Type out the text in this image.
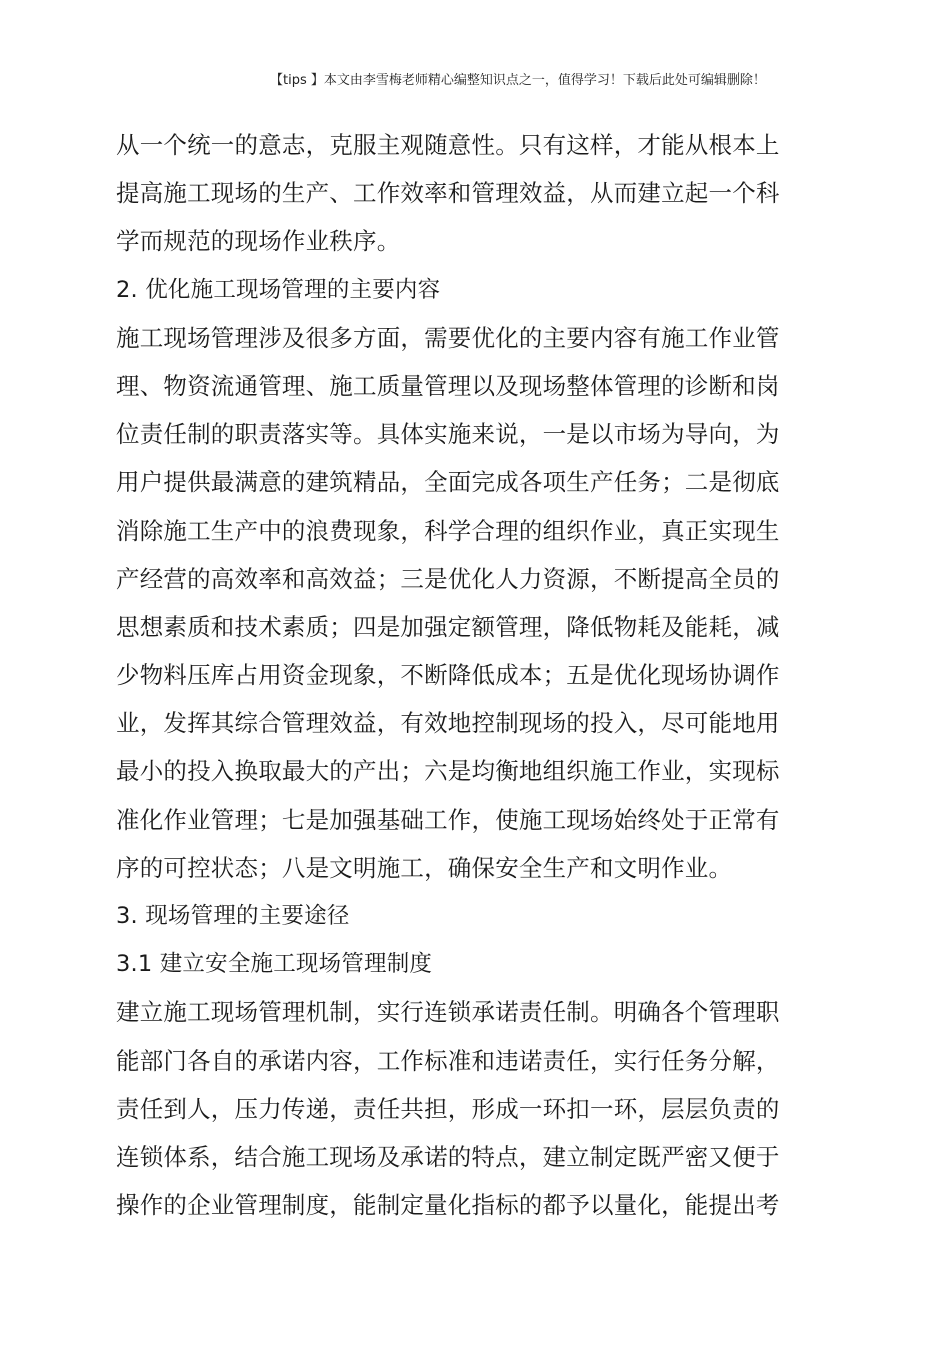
【tips 】本文由李雪梅老师精心编整知识点之一，值得学习！下载后此处可编辑删除！
从一个统一的意志，克服主观随意性。只有这样，才能从根本上
提高施工现场的生产、工作效率和管理效益，从而建立起一个科
学而规范的现场作业秩序。
2. 优化施工现场管理的主要内容
施工现场管理涉及很多方面，需要优化的主要内容有施工作业管
理、物资流通管理、施工质量管理以及现场整体管理的诊断和岗
位责任制的职责落实等。具体实施来说，一是以市场为导向，为
用户提供最满意的建筑精品，全面完成各项生产任务；二是彻底
消除施工生产中的浪费现象，科学合理的组织作业，真正实现生
产经营的高效率和高效益；三是优化人力资源，不断提高全员的
思想素质和技术素质；四是加强定额管理，降低物耗及能耗，减
少物料压库占用资金现象，不断降低成本；五是优化现场协调作
业，发挥其综合管理效益，有效地控制现场的投入，尽可能地用
最小的投入换取最大的产出；六是均衡地组织施工作业，实现标
准化作业管理；七是加强基础工作，使施工现场始终处于正常有
序的可控状态；八是文明施工，确保安全生产和文明作业。
3. 现场管理的主要途径
3.1 建立安全施工现场管理制度
建立施工现场管理机制，实行连锁承诺责任制。明确各个管理职
能部门各自的承诺内容，工作标准和违诺责任，实行任务分解，
责任到人，压力传递，责任共担，形成一环扣一环，层层负责的
连锁体系，结合施工现场及承诺的特点，建立制定既严密又便于
操作的企业管理制度，能制定量化指标的都予以量化，能提出考
